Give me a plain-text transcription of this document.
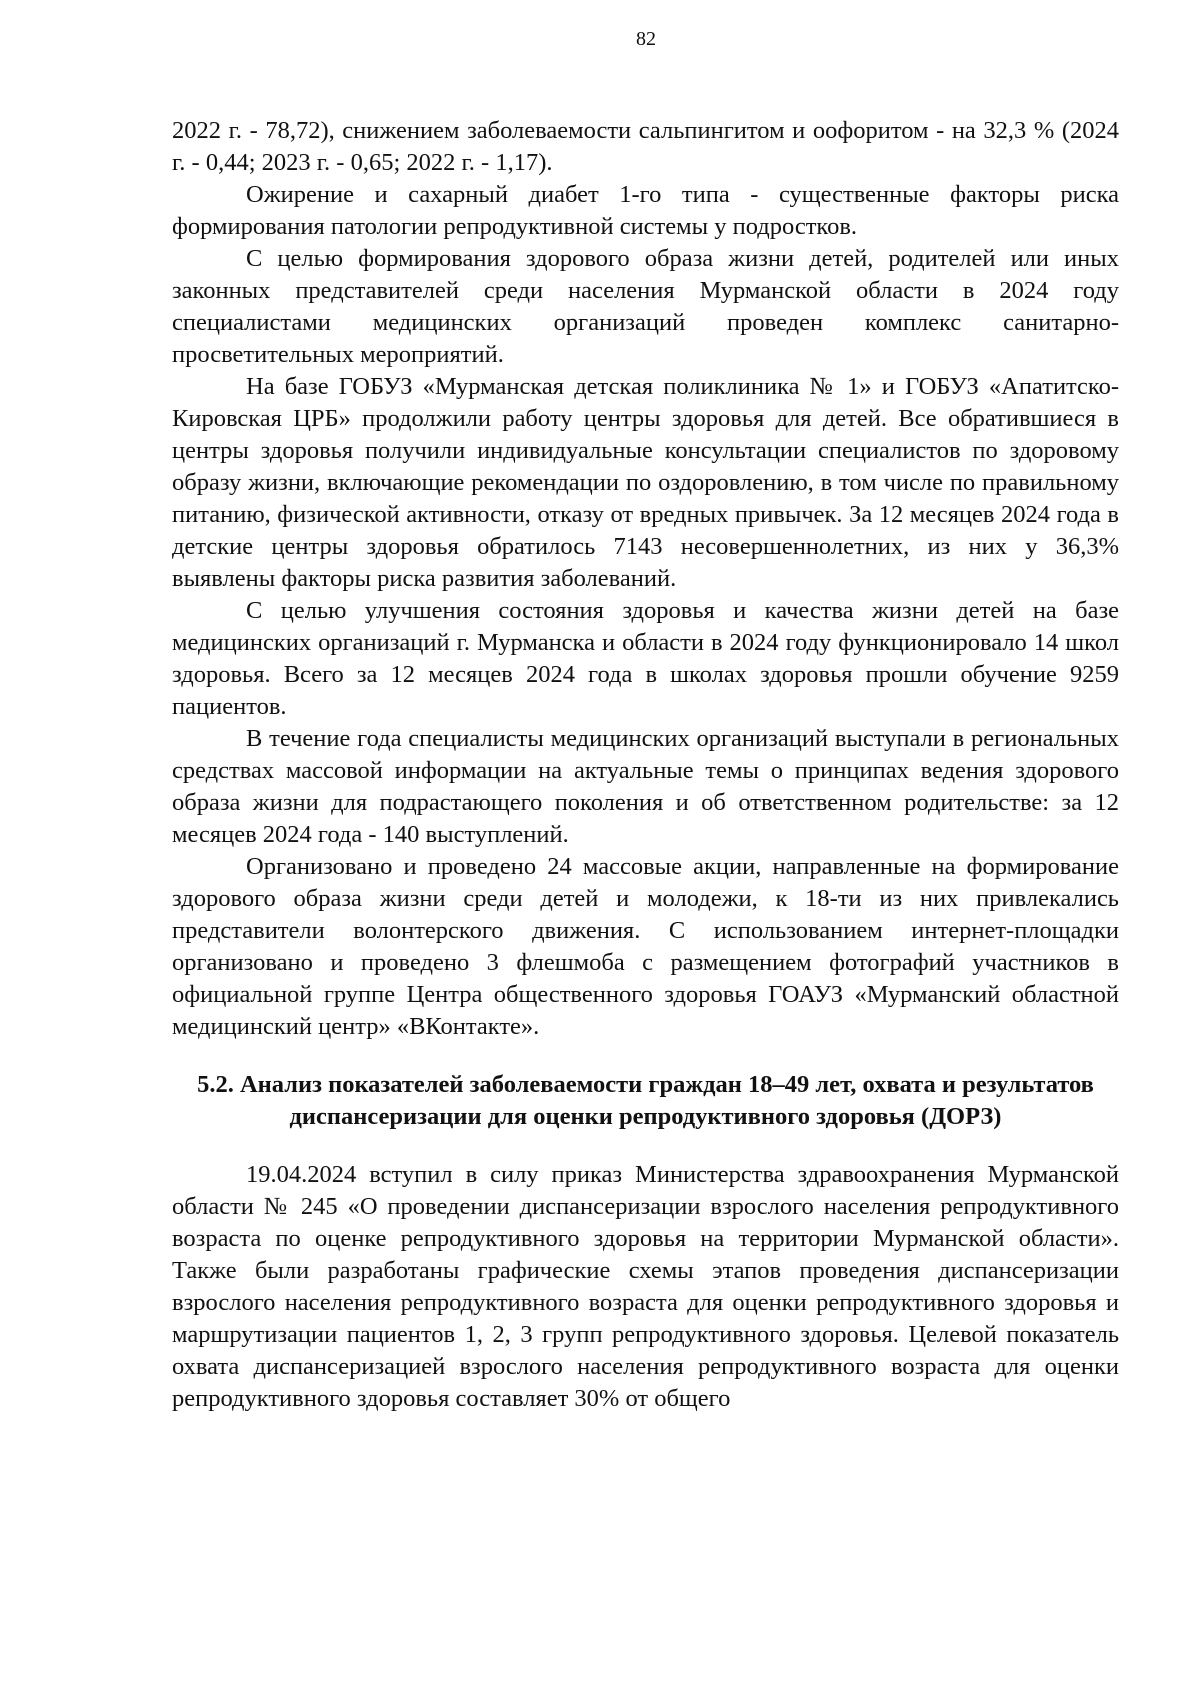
82

2022 г. - 78,72), снижением заболеваемости сальпингитом и оофоритом - на 32,3 % (2024 г. - 0,44; 2023 г. - 0,65; 2022 г. - 1,17).

Ожирение и сахарный диабет 1-го типа - существенные факторы риска формирования патологии репродуктивной системы у подростков.

С целью формирования здорового образа жизни детей, родителей или иных законных представителей среди населения Мурманской области в 2024 году специалистами медицинских организаций проведен комплекс санитарно-просветительных мероприятий.

На базе ГОБУЗ «Мурманская детская поликлиника № 1» и ГОБУЗ «Апатитско-Кировская ЦРБ» продолжили работу центры здоровья для детей. Все обратившиеся в центры здоровья получили индивидуальные консультации специалистов по здоровому образу жизни, включающие рекомендации по оздоровлению, в том числе по правильному питанию, физической активности, отказу от вредных привычек. За 12 месяцев 2024 года в детские центры здоровья обратилось 7143 несовершеннолетних, из них у 36,3% выявлены факторы риска развития заболеваний.

С целью улучшения состояния здоровья и качества жизни детей на базе медицинских организаций г. Мурманска и области в 2024 году функционировало 14 школ здоровья. Всего за 12 месяцев 2024 года в школах здоровья прошли обучение 9259 пациентов.

В течение года специалисты медицинских организаций выступали в региональных средствах массовой информации на актуальные темы о принципах ведения здорового образа жизни для подрастающего поколения и об ответственном родительстве: за 12 месяцев 2024 года - 140 выступлений.

Организовано и проведено 24 массовые акции, направленные на формирование здорового образа жизни среди детей и молодежи, к 18-ти из них привлекались представители волонтерского движения. С использованием интернет-площадки организовано и проведено 3 флешмоба с размещением фотографий участников в официальной группе Центра общественного здоровья ГОАУЗ «Мурманский областной медицинский центр» «ВКонтакте».

5.2. Анализ показателей заболеваемости граждан 18–49 лет, охвата и результатов диспансеризации для оценки репродуктивного здоровья (ДОРЗ)

19.04.2024 вступил в силу приказ Министерства здравоохранения Мурманской области № 245 «О проведении диспансеризации взрослого населения репродуктивного возраста по оценке репродуктивного здоровья на территории Мурманской области». Также были разработаны графические схемы этапов проведения диспансеризации взрослого населения репродуктивного возраста для оценки репродуктивного здоровья и маршрутизации пациентов 1, 2, 3 групп репродуктивного здоровья. Целевой показатель охвата диспансеризацией взрослого населения репродуктивного возраста для оценки репродуктивного здоровья составляет 30% от общего
